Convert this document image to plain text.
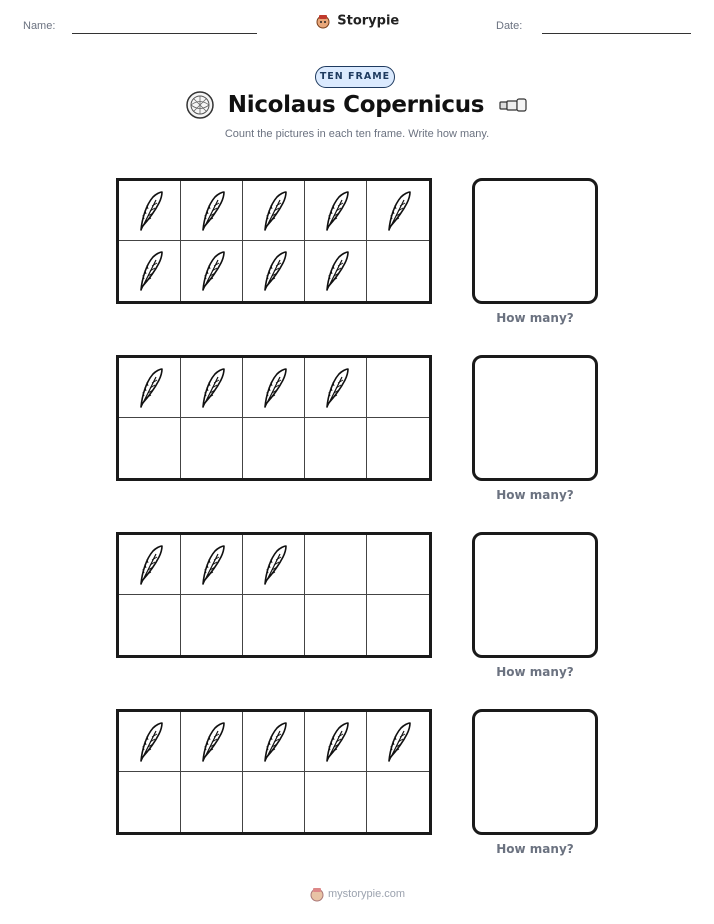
Name:	Storypie	Date:
TEN FRAME
Nicolaus Copernicus
Count the pictures in each ten frame. Write how many.
How many?
How many?
How many?
How many?
mystorypie.com
